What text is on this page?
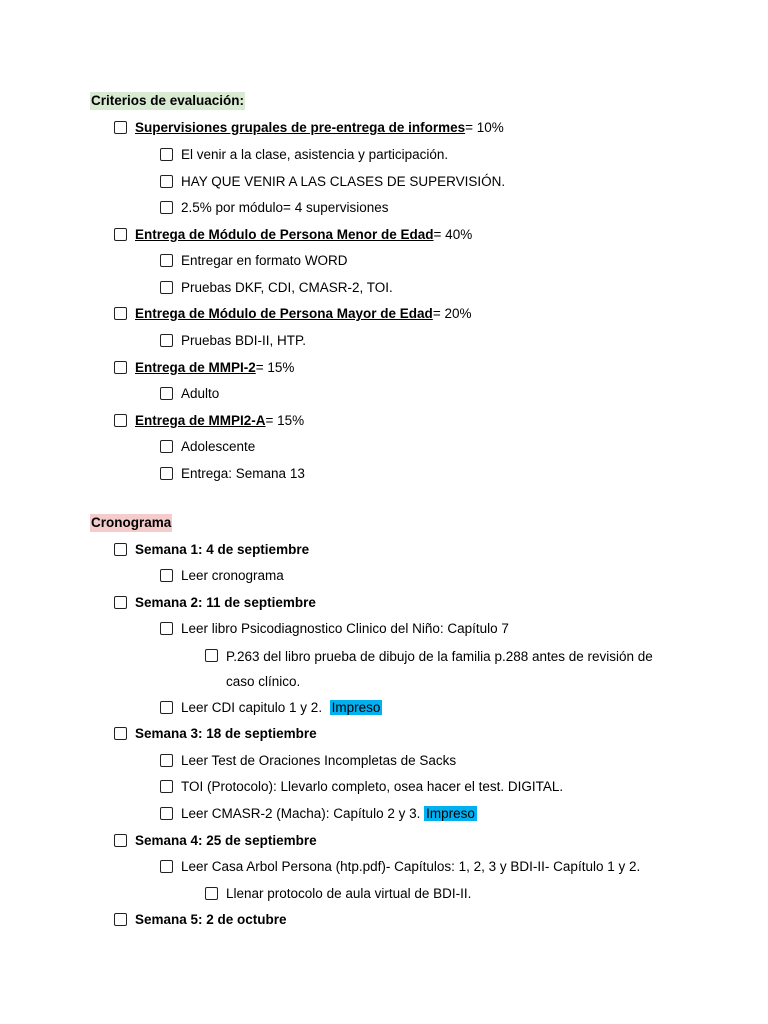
Criterios de evaluación:
Supervisiones grupales de pre-entrega de informes= 10%
El venir a la clase, asistencia y participación.
HAY QUE VENIR A LAS CLASES DE SUPERVISIÓN.
2.5% por módulo= 4 supervisiones
Entrega de Módulo de Persona Menor de Edad= 40%
Entregar en formato WORD
Pruebas DKF, CDI, CMASR-2, TOI.
Entrega de Módulo de Persona Mayor de Edad= 20%
Pruebas BDI-II, HTP.
Entrega de MMPI-2= 15%
Adulto
Entrega de MMPI2-A= 15%
Adolescente
Entrega: Semana 13
Cronograma
Semana 1: 4 de septiembre
Leer cronograma
Semana 2: 11 de septiembre
Leer libro Psicodiagnostico Clinico del Niño: Capítulo 7
P.263 del libro prueba de dibujo de la familia p.288 antes de revisión de caso clínico.
Leer CDI capitulo 1 y 2. Impreso
Semana 3: 18 de septiembre
Leer Test de Oraciones Incompletas de Sacks
TOI (Protocolo): Llevarlo completo, osea hacer el test. DIGITAL.
Leer CMASR-2 (Macha): Capítulo 2 y 3. Impreso
Semana 4: 25 de septiembre
Leer Casa Arbol Persona (htp.pdf)- Capítulos: 1, 2, 3 y BDI-II- Capítulo 1 y 2.
Llenar protocolo de aula virtual de BDI-II.
Semana 5: 2 de octubre
